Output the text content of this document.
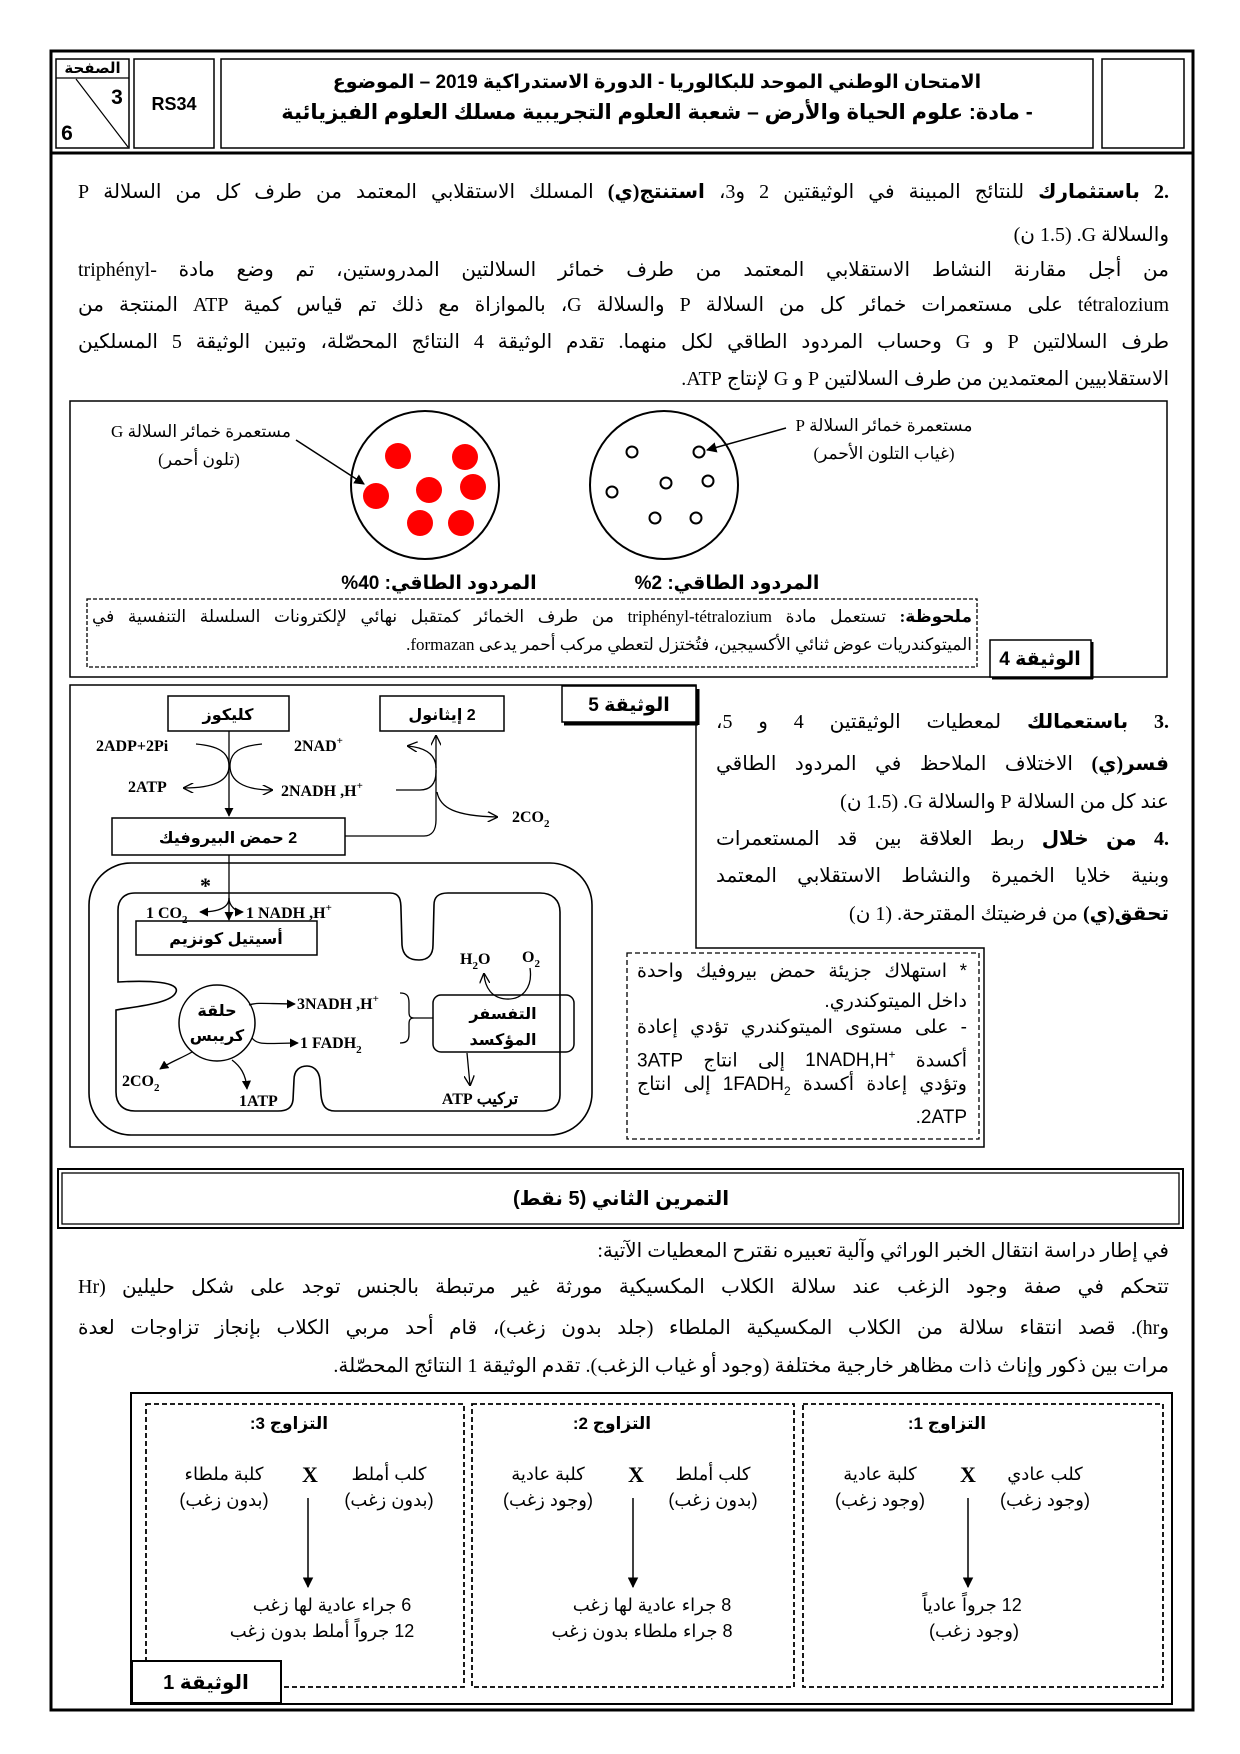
مستعمرة خمائر السلالة G
(تلون أحمر)
مستعمرة خمائر السلالة P
(غياب التلون الأحمر)
المردود الطاقي: 40%	المردود الطاقي: 2%
الوثيقة 4
الوثيقة 5
كليكوز	2 إيثانول
2ADP+2Pi	2NAD+
2ATP	2NADH ,H+
$2CO_2$
2 حمض البيروفيك
*
1 $CO_2$	1 NADH ,H+
أسيتيل كونزيم
حلقة
كريبس
3NADH ,H+
1 $FADH_2$
$2CO_2$
1ATP
التفسفر
المؤكسد
$H_2O$ $O_2$
تركيب ATP
التمرين الثاني (5 نقط)
التزاوج 1:
كلب عادي
(وجود زغب)
X
كلبة عادية
(وجود زغب)
12 جرواً عادياً
(وجود زغب)
التزاوج 2:
كلب أملط
(بدون زغب)
X
كلبة عادية
(وجود زغب)
8 جراء عادية لها زغب
8 جراء ملطاء بدون زغب
التزاوج 3:
كلب أملط
(بدون زغب)
X
كلبة ملطاء
(بدون زغب)
6 جراء عادية لها زغب
12 جرواً أملط بدون زغب
الوثيقة 1
الصفحة
3
6
RS34
الامتحان الوطني الموحد للبكالوريا - الدورة الاستدراكية 2019 – الموضوع
- مادة: علوم الحياة والأرض – شعبة العلوم التجريبية مسلك العلوم الفيزيائية
2. باستثمارك للنتائج المبينة في الوثيقتين 2 و3، استنتج(ي) المسلك الاستقلابي المعتمد من طرف كل من السلالة P
والسلالة G. (1.5 ن)
من أجل مقارنة النشاط الاستقلابي المعتمد من طرف خمائر السلالتين المدروستين، تم وضع مادة triphényl-
tétralozium على مستعمرات خمائر كل من السلالة P والسلالة G، بالموازاة مع ذلك تم قياس كمية ATP المنتجة من
طرف السلالتين P و G وحساب المردود الطاقي لكل منهما. تقدم الوثيقة 4 النتائج المحصّلة، وتبين الوثيقة 5 المسلكين
الاستقلابيين المعتمدين من طرف السلالتين P و G لإنتاج ATP.
ملحوظة: تستعمل مادة triphényl-tétralozium من طرف الخمائر كمتقبل نهائي لإلكترونات السلسلة التنفسية في
الميتوكندريات عوض ثنائي الأكسيجين، فتُختزل لتعطي مركب أحمر يدعى formazan.
3. باستعمالك لمعطيات الوثيقتين 4 و 5،
فسر(ي) الاختلاف الملاحظ في المردود الطاقي
عند كل من السلالة P والسلالة G. (1.5 ن)
4. من خلال ربط العلاقة بين قد المستعمرات
وبنية خلايا الخميرة والنشاط الاستقلابي المعتمد
تحقق(ي) من فرضيتك المقترحة. (1 ن)
* استهلاك جزيئة حمض بيروفيك واحدة
داخل الميتوكندري.
- على مستوى الميتوكندري تؤدي إعادة
أكسدة 1NADH,H+ إلى انتاج 3ATP
وتؤدي إعادة أكسدة $1FADH_2$ إلى انتاج
2ATP.
في إطار دراسة انتقال الخبر الوراثي وآلية تعبيره نقترح المعطيات الآتية:
تتحكم في صفة وجود الزغب عند سلالة الكلاب المكسيكية مورثة غير مرتبطة بالجنس توجد على شكل حليلين (Hr
وhr). قصد انتقاء سلالة من الكلاب المكسيكية الملطاء (جلد بدون زغب)، قام أحد مربي الكلاب بإنجاز تزاوجات لعدة
مرات بين ذكور وإناث ذات مظاهر خارجية مختلفة (وجود أو غياب الزغب). تقدم الوثيقة 1 النتائج المحصّلة.
